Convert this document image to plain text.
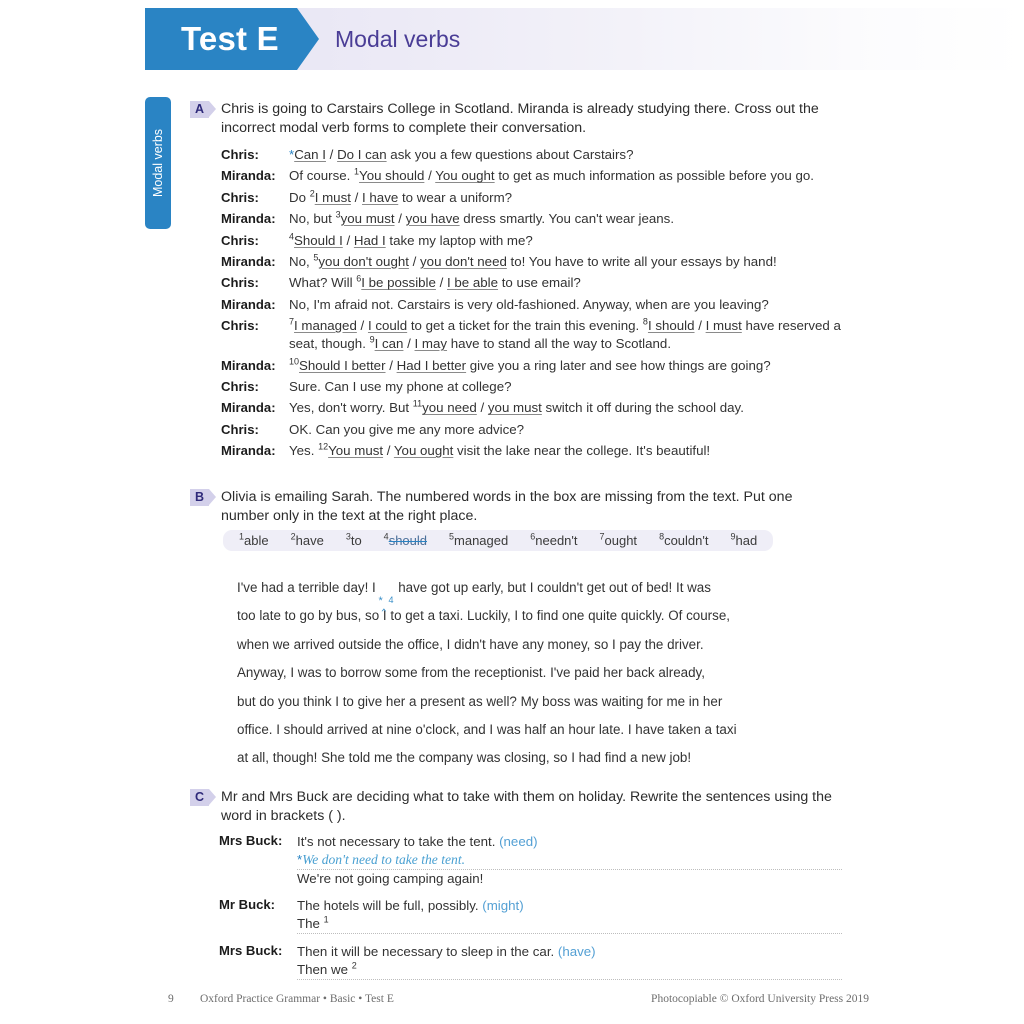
Test E Modal verbs
Modal verbs
A	Chris is going to Carstairs College in Scotland. Miranda is already studying there. Cross out the incorrect modal verb forms to complete their conversation.
Chris: *Can I / Do I can ask you a few questions about Carstairs?
Miranda: Of course. $^1$You should / You ought to get as much information as possible before you go.
Chris: Do $^2$I must / I have to wear a uniform?
Miranda: No, but $^3$you must / you have dress smartly. You can't wear jeans.
Chris:	$^4$Should I / Had I take my laptop with me?
Miranda: No, $^5$you don't ought / you don't need to! You have to write all your essays by hand!
Chris: What? Will $^6$I be possible / I be able to use email?
Miranda: No, I'm afraid not. Carstairs is very old-fashioned. Anyway, when are you leaving?
Chris:	$^7$I managed / I could to get a ticket for the train this evening. $^8$I should / I must have reserved a seat, though. $^9$I can / I may have to stand all the way to Scotland.
Miranda: $^{10}$Should I better / Had I better give you a ring later and see how things are going?
Chris: Sure. Can I use my phone at college?
Miranda: Yes, don't worry. But $^{11}$you need / you must switch it off during the school day.
Chris: OK. Can you give me any more advice?
Miranda: Yes. $^{12}$You must / You ought visit the lake near the college. It's beautiful!
B	Olivia is emailing Sarah. The numbered words in the box are missing from the text. Put one number only in the text at the right place.
$^1$able $^2$have $^3$to $^4$should $^5$managed $^6$needn't $^7$ought $^8$couldn't $^9$had
I've had a terrible day! I
* 4
‸
have got up early, but I couldn't get out of bed! It was
too late to go by bus, so I to get a taxi. Luckily, I to find one quite quickly. Of course,
when we arrived outside the office, I didn't have any money, so I pay the driver.
Anyway, I was to borrow some from the receptionist. I've paid her back already,
but do you think I to give her a present as well? My boss was waiting for me in her
office. I should arrived at nine o'clock, and I was half an hour late. I have taken a taxi
at all, though! She told me the company was closing, so I had find a new job!
C	Mr and Mrs Buck are deciding what to take with them on holiday. Rewrite the sentences using the word in brackets ( ).
Mrs Buck: It's not necessary to take the tent. (need)
*We don't need to take the tent.
We're not going camping again!
Mr Buck: The hotels will be full, possibly. (might)
The $^1$
Mrs Buck: Then it will be necessary to sleep in the car. (have)
Then we $^2$
9	Oxford Practice Grammar • Basic • Test E	Photocopiable © Oxford University Press 2019
